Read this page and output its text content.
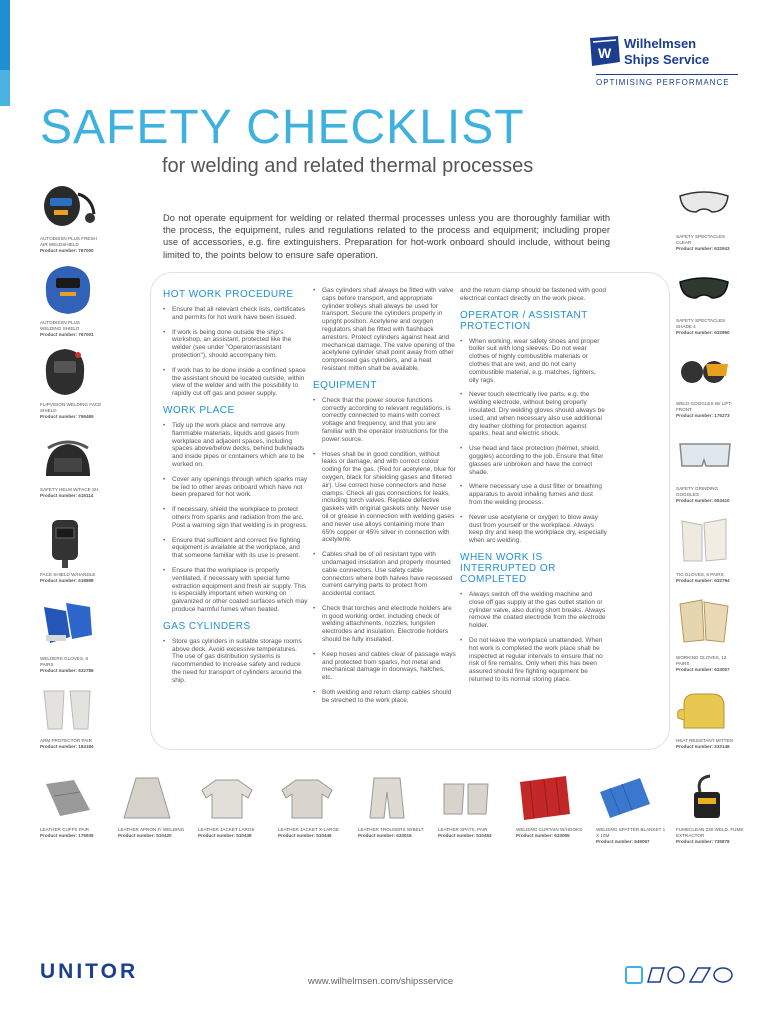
W
Wilhelmsen
Ships Service
OPTIMISING PERFORMANCE
SAFETY CHECKLIST
for welding and related thermal processes

Do not operate equipment for welding or related thermal processes unless you are thoroughly familiar with the process, the equipment, rules and regulations related to the process and equipment; including proper use of accessories, e.g. fire extinguishers. Preparation for hot-work onboard should include, without being limited to, the points below to ensure safe operation.

HOT WORK PROCEDURE
• Ensure that all relevant check lists, certificates and permits for hot work have been issued.
• If work is being done outside the ship's workshop, an assistant, protected like the welder (see under "Operator/assistant protection"), should accompany him.
• If work has to be done inside a confined space the assistant should be located outside, within view of the welder and with the possibility to rapidly cut off gas and power supply.
WORK PLACE
• Tidy up the work place and remove any flammable materials, liquids and gases from workplace and adjacent spaces, including spaces above/below decks, behind bulkheads and inside pipes or containers which are to be worked on.
• Cover any openings through which sparks may be led to other areas onboard which have not been prepared for hot work.
• If necessary, shield the workplace to protect others from sparks and radiation from the arc. Post a warning sign that welding is in progress.
• Ensure that sufficient and correct fire fighting equipment is available at the workplace, and that someone familiar with its use is present.
• Ensure that the workplace is properly ventilated, if necessary with special fume extraction equipment and fresh air supply. This is especially important when working on galvanized or other coated surfaces which may produce harmful fumes when heated.
GAS CYLINDERS
• Store gas cylinders in suitable storage rooms above deck. Avoid excessive temperatures. The use of gas distribution systems is recommended to increase safety and reduce the need for transport of cylinders around the ship.
• Gas cylinders shall always be fitted with valve caps before transport, and appropriate cylinder trolleys shall always be used for transport. Secure the cylinders properly in upright position. Acetylene and oxygen regulators shall be fitted with flashback arrestors. Protect cylinders against heat and mechanical damage. The valve opening of the acetylene cylinder shall point away from other compressed gas cylinders, and a heat resistant mitten shall be available.
EQUIPMENT
• Check that the power source functions correctly according to relevant regulations, is correctly connected to mains with correct voltage and frequency, and that you are familiar with the operator instructions for the power source.
• Hoses shall be in good condition, without leaks or damage, and with correct colour coding for the gas. (Red for acetylene, blue for oxygen, black for shielding gases and filtered air). Use correct hose connectors and hose clamps. Check all gas connections for leaks, including torch valves. Replace defective gaskets with original gaskets only. Never use oil or grease in connection with welding gases and never use alloys containing more than 65% copper or 45% silver in connection with acetylene.
• Cables shall be of oil resistant type with undamaged insulation and properly mounted cable connectors. Use safety cable connectors where both halves have recessed current carrying parts to protect from accidental contact.
• Check that torches and electrode holders are in good working order, including check of welding attachments, nozzles, tungsten electrodes and insulation. Electrode holders should be fully insulated.
• Keep hoses and cables clear of passage ways and protected from sparks, hot metal and mechanical damage in doorways, hatches, etc.
• Both welding and return clamp cables should be streched to the work place,

and the return clamp should be fastened with good electrical contact directly on the work piece.

OPERATOR / ASSISTANT PROTECTION
• When working, wear safety shoes and proper boiler suit with long sleeves. Do not wear clothes of highly combustible materials or clothes that are wet, and do not carry combustible material, e.g. matches, lighters, oily rags.
• Never touch electrically live parts, e.g. the welding electrode, without being properly insulated. Dry welding gloves should always be used, and when necessary also use additional dry leather clothing for protection against sparks, heat and electric shock.
• Use head and face protection (helmet, shield, goggles) according to the job. Ensure that filter glasses are unbroken and have the correct shade.
• Where necessary use a dust filter or breathing apparatus to avoid inhaling fumes and dust from the welding process.
• Never use acetylene or oxygen to blow away dust from yourself or the workplace. Always keep dry and keep the workplace dry, especially when arc welding.
WHEN WORK IS INTERRUPTED OR COMPLETED
• Always switch off the welding machine and close off gas supply at the gas outlet station or cylinder valve, also during short breaks. Always remove the coated electrode from the electrode holder.
• Do not leave the workplace unattended. When hot work is completed the work place shall be inspected at regular intervals to ensure that no risk of fire remains. Only when this has been assured should fire fighting equipment be returned to its normal storing place.
AUTODISSN PLUS FRESH AIR WELDSHIELD
Product number: 767000
AUTODISSN PLUS WELDING SHIELD
Product number: 767001
FLIPVISION WELDING FACE SHIELD
Product number: 769465
SAFETY HELM W/FACE SH.
Product number: 619114
FACE SHIELD W/HANDLE
Product number: 618898
WELDERS GLOVES, 6 PAIRS
Product number: 632786
ARM PROTECTOR PAIR
Product number: 184184
SAFETY SPECTACLES CLEAR
Product number: 632943
SAFETY SPECTACLES SHADE 4
Product number: 632950
WELD GOGGLES W/ LIFT-FRONT
Product number: 175273
SAFETY GRINDING GOGGLES
Product number: 653410
TIG GLOVES, 6 PAIRS
Product number: 632794
WORKING GLOVES, 12 PAIRS
Product number: 633057
HEAT RESISTANT MITTEN
Product number: 233148
LEATHER CUFFS PAIR
Product number: 175935
LEATHER APRON F/ WELDING
Product number: 510420
LEATHER JACKET LARGE
Product number: 510438
LEATHER JACKET X-LARGE
Product number: 510446
LEATHER TROUSERS W/BELT
Product number: 633016
LEATHER SPATS, PAIR
Product number: 510453
WELDING CURTAIN W/HOOKS
Product number: 633065
WELDING SPATTER BLANKET 1 X 10M
Product number: 649067
FUMECLEAN 230 WELD. FUME EXTRACTOR
Product number: 735878
UNITOR	www.wilhelmsen.com/shipsservice
